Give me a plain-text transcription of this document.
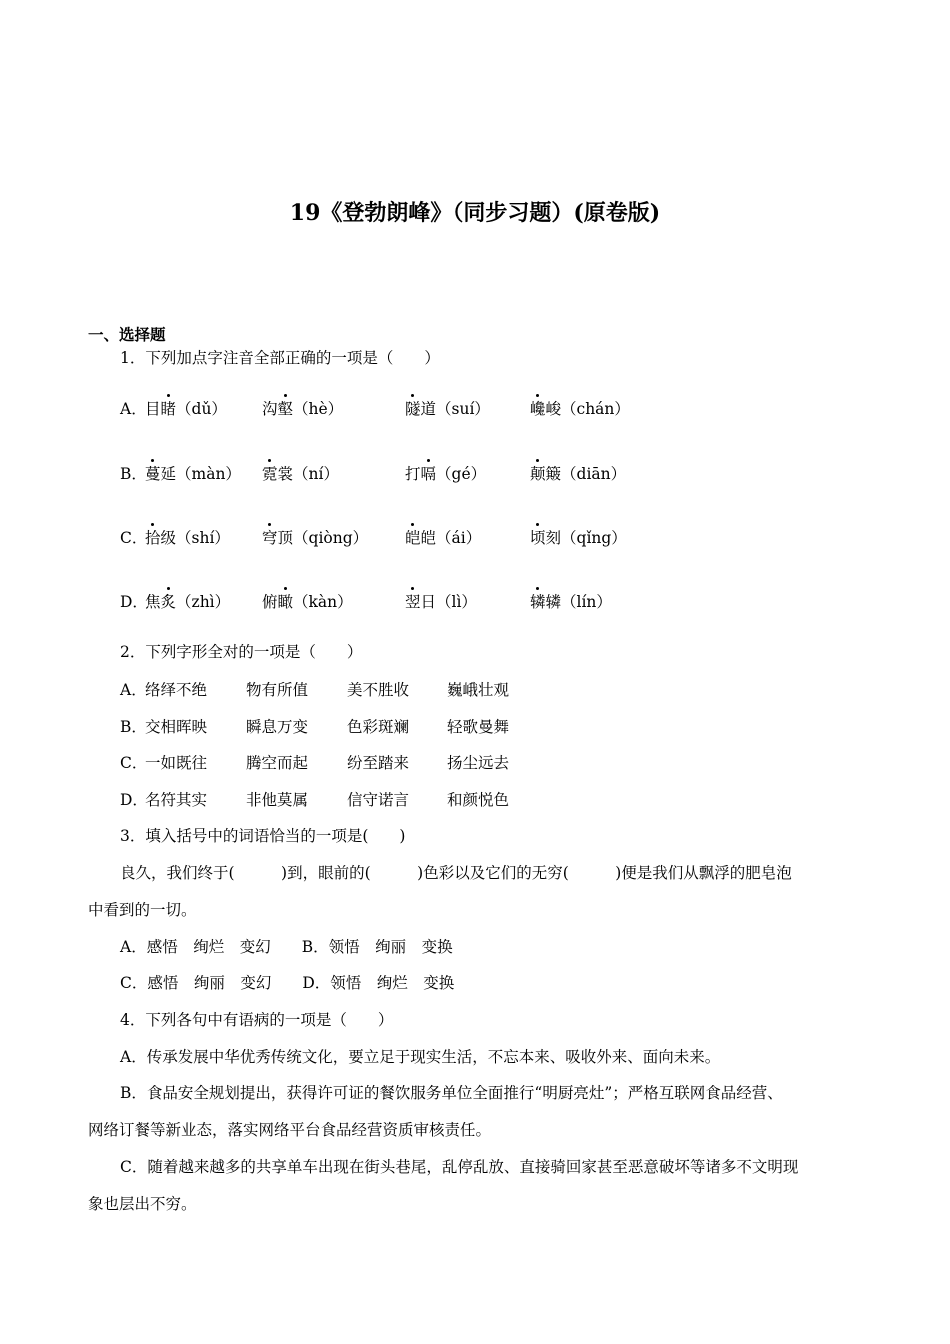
19《登勃朗峰》（同步习题）(原卷版)
一、选择题
1．下列加点字注音全部正确的一项是（　　）
A．
目睹（dǔ） 沟壑（hè）	隧道（suí）	巉峻（chán）
B．
蔓延（màn） 霓裳（ní）	打嗝（gé）	颠簸（diān）
C．
拾级（shí） 穹顶（qiòng） 皑皑（ái）	顷刻（qǐng）
D．
焦炙（zhì） 俯瞰（kàn）	翌日（lì）	辚辚（lín）
2．下列字形全对的一项是（　　）
A．
络绎不绝	物有所值	美不胜收 巍峨壮观
B．
交相晖映	瞬息万变	色彩斑斓 轻歌曼舞
C．
一如既往	腾空而起	纷至踏来 扬尘远去
D．
名符其实	非他莫属	信守诺言 和颜悦色
3．填入括号中的词语恰当的一项是(　　)
良久，我们终于(　　　)到，眼前的(　　　)色彩以及它们的无穷(　　　)便是我们从飘浮的肥皂泡
中看到的一切。
A．感悟　绚烂　变幻　　B．领悟　绚丽　变换
C．感悟　绚丽　变幻　　D．领悟　绚烂　变换
4．下列各句中有语病的一项是（　　）
A．传承发展中华优秀传统文化，要立足于现实生活，不忘本来、吸收外来、面向未来。
B．食品安全规划提出，获得许可证的餐饮服务单位全面推行“明厨亮灶”；严格互联网食品经营、
网络订餐等新业态，落实网络平台食品经营资质审核责任。
C．随着越来越多的共享单车出现在街头巷尾，乱停乱放、直接骑回家甚至恶意破坏等诸多不文明现
象也层出不穷。
